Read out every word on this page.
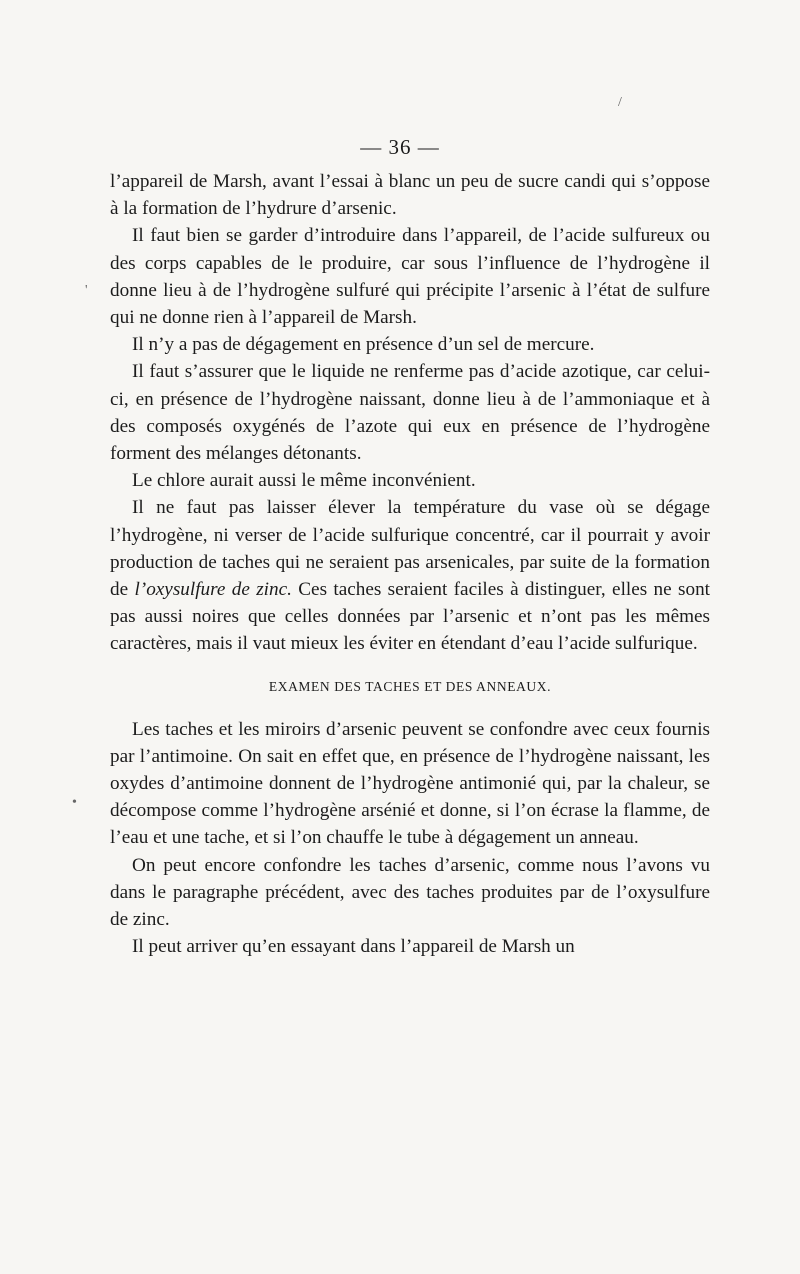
— 36 —

l’appareil de Marsh, avant l’essai à blanc un peu de sucre candi qui s’oppose à la formation de l’hydrure d’arsenic.

Il faut bien se garder d’introduire dans l’appareil, de l’acide sulfureux ou des corps capables de le produire, car sous l’influence de l’hydrogène il donne lieu à de l’hydrogène sulfuré qui précipite l’arsenic à l’état de sulfure qui ne donne rien à l’appareil de Marsh.

Il n’y a pas de dégagement en présence d’un sel de mercure.

Il faut s’assurer que le liquide ne renferme pas d’acide azotique, car celui-ci, en présence de l’hydrogène naissant, donne lieu à de l’ammoniaque et à des composés oxygénés de l’azote qui eux en présence de l’hydrogène forment des mélanges détonants.

Le chlore aurait aussi le même inconvénient.

Il ne faut pas laisser élever la température du vase où se dégage l’hydrogène, ni verser de l’acide sulfurique concentré, car il pourrait y avoir production de taches qui ne seraient pas arsenicales, par suite de la formation de l’oxysulfure de zinc. Ces taches seraient faciles à distinguer, elles ne sont pas aussi noires que celles données par l’arsenic et n’ont pas les mêmes caractères, mais il vaut mieux les éviter en étendant d’eau l’acide sulfurique.

EXAMEN DES TACHES ET DES ANNEAUX.

Les taches et les miroirs d’arsenic peuvent se confondre avec ceux fournis par l’antimoine. On sait en effet que, en présence de l’hydrogène naissant, les oxydes d’antimoine donnent de l’hydrogène antimonié qui, par la chaleur, se décompose comme l’hydrogène arsénié et donne, si l’on écrase la flamme, de l’eau et une tache, et si l’on chauffe le tube à dégagement un anneau.

On peut encore confondre les taches d’arsenic, comme nous l’avons vu dans le paragraphe précédent, avec des taches produites par de l’oxysulfure de zinc.

Il peut arriver qu’en essayant dans l’appareil de Marsh un

/
'
•
